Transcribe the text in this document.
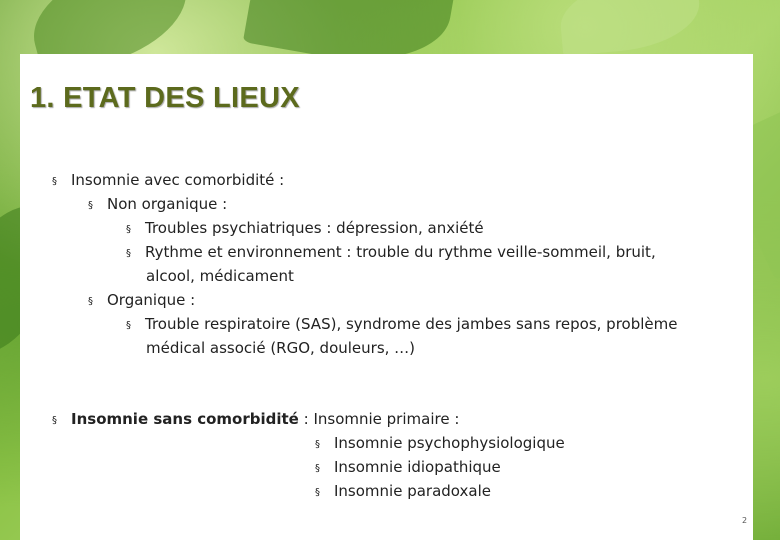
1. ETAT DES LIEUX
§ Insomnie avec comorbidité :
§ Non organique :
§ Troubles psychiatriques : dépression, anxiété
§ Rythme et environnement : trouble du rythme veille-sommeil, bruit,
alcool, médicament
§ Organique :
§ Trouble respiratoire (SAS), syndrome des jambes sans repos, problème
médical associé (RGO, douleurs, …)
§ Insomnie sans comorbidité : Insomnie primaire :
§ Insomnie psychophysiologique
§ Insomnie idiopathique
§ Insomnie paradoxale
2
